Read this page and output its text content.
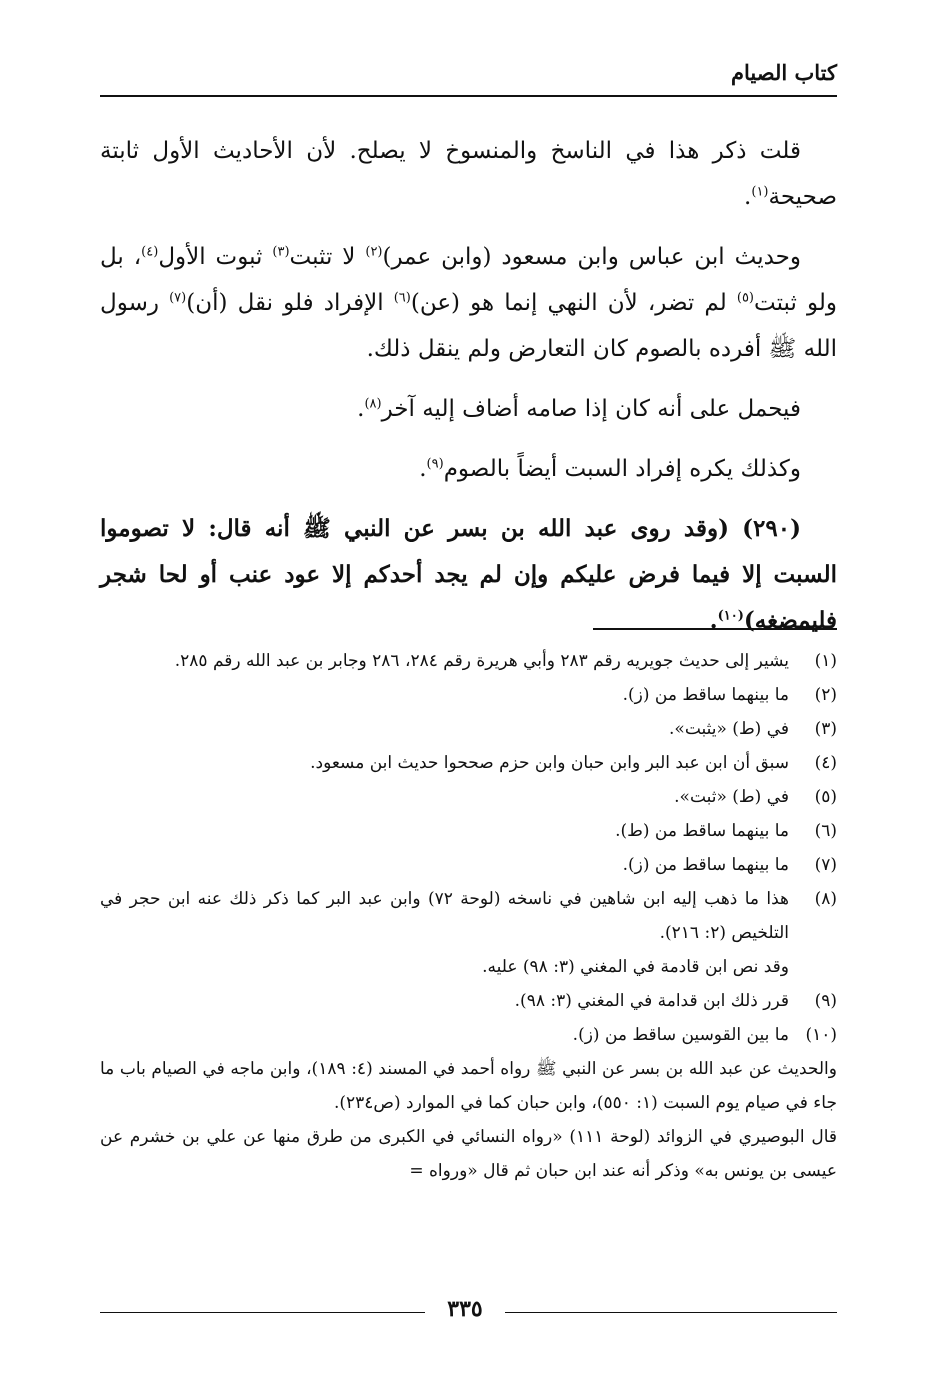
كتاب الصيام

قلت ذكر هذا في الناسخ والمنسوخ لا يصلح. لأن الأحاديث الأول ثابتة صحيحة$^{(١)}$.

وحديث ابن عباس وابن مسعود (وابن عمر)$^{(٢)}$ لا تثبت$^{(٣)}$ ثبوت الأول$^{(٤)}$، بل ولو ثبتت$^{(٥)}$ لم تضر، لأن النهي إنما هو (عن)$^{(٦)}$ الإفراد فلو نقل (أن)$^{(٧)}$ رسول الله ﷺ أفرده بالصوم كان التعارض ولم ينقل ذلك.

فيحمل على أنه كان إذا صامه أضاف إليه آخر$^{(٨)}$.

وكذلك يكره إفراد السبت أيضاً بالصوم$^{(٩)}$.

(٢٩٠) (وقد روى عبد الله بن بسر عن النبي ﷺ أنه قال: لا تصوموا السبت إلا فيما فرض عليكم وإن لم يجد أحدكم إلا عود عنب أو لحا شجر فليمضغه)$^{(١٠)}$.

(١)
يشير إلى حديث جويريه رقم ٢٨٣ وأبي هريرة رقم ٢٨٤، ٢٨٦ وجابر بن عبد الله رقم ٢٨٥.
(٢)
ما بينهما ساقط من (ز).
(٣)
في (ط) «يثبت».
(٤)
سبق أن ابن عبد البر وابن حبان وابن حزم صححوا حديث ابن مسعود.
(٥)
في (ط) «ثبت».
(٦)
ما بينهما ساقط من (ط).
(٧)
ما بينهما ساقط من (ز).
(٨)
هذا ما ذهب إليه ابن شاهين في ناسخه (لوحة ٧٢) وابن عبد البر كما ذكر ذلك عنه ابن حجر في التلخيص (٢: ٢١٦).
وقد نص ابن قادمة في المغني (٣: ٩٨) عليه.
(٩)
قرر ذلك ابن قدامة في المغني (٣: ٩٨).
(١٠)
ما بين القوسين ساقط من (ز).
والحديث عن عبد الله بن بسر عن النبي ﷺ رواه أحمد في المسند (٤: ١٨٩)، وابن ماجه في الصيام باب ما جاء في صيام يوم السبت (١: ٥٥٠)، وابن حبان كما في الموارد (ص٢٣٤).
قال البوصيري في الزوائد (لوحة ١١١) «رواه النسائي في الكبرى من طرق منها عن علي بن خشرم عن عيسى بن يونس به» وذكر أنه عند ابن حبان ثم قال «ورواه =
٣٣٥
